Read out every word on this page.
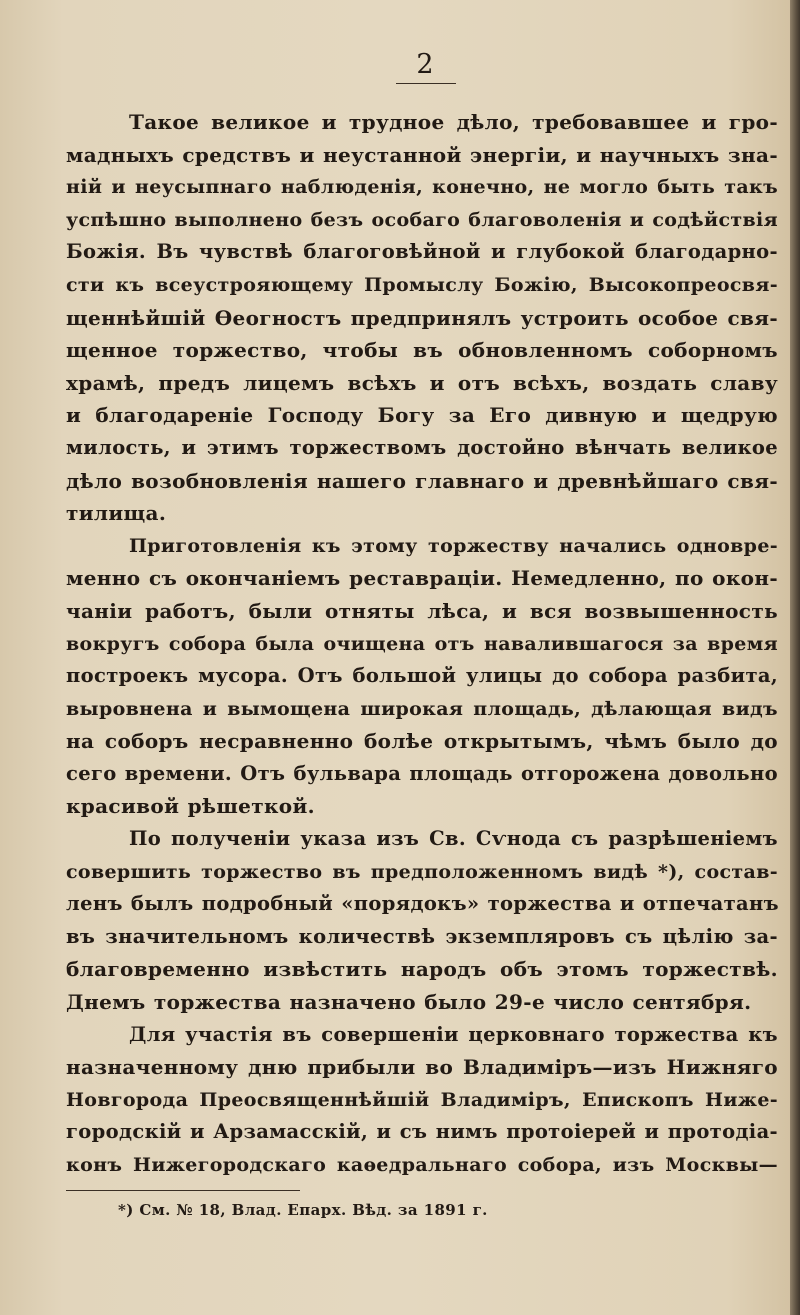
2
Такое великое и трудное дѣло, требовавшее и гро-
мадныхъ средствъ и неустанной энергіи, и научныхъ зна-
ній и неусыпнаго наблюденія, конечно, не могло быть такъ
успѣшно выполнено безъ особаго благоволенія и содѣйствія
Божія. Въ чувствѣ благоговѣйной и глубокой благодарно-
сти къ всеустрояющему Промыслу Божію, Высокопреосвя-
щеннѣйшій Ѳеогностъ предпринялъ устроить особое свя-
щенное торжество, чтобы въ обновленномъ соборномъ
храмѣ, предъ лицемъ всѣхъ и отъ всѣхъ, воздать славу
и благодареніе Господу Богу за Его дивную и щедрую
милость, и этимъ торжествомъ достойно вѣнчать великое
дѣло возобновленія нашего главнаго и древнѣйшаго свя-
тилища.
Приготовленія къ этому торжеству начались одновре-
менно съ окончаніемъ реставраціи. Немедленно, по окон-
чаніи работъ, были отняты лѣса, и вся возвышенность
вокругъ собора была очищена отъ навалившагося за время
построекъ мусора. Отъ большой улицы до собора разбита,
выровнена и вымощена широкая площадь, дѣлающая видъ
на соборъ несравненно болѣе открытымъ, чѣмъ было до
сего времени. Отъ бульвара площадь отгорожена довольно
красивой рѣшеткой.
По полученіи указа изъ Св. Сѵнода съ разрѣшеніемъ
совершить торжество въ предположенномъ видѣ *), состав-
ленъ былъ подробный «порядокъ» торжества и отпечатанъ
въ значительномъ количествѣ экземпляровъ съ цѣлію за-
благовременно извѣстить народъ объ этомъ торжествѣ.
Днемъ торжества назначено было 29-е число сентября.
Для участія въ совершеніи церковнаго торжества къ
назначенному дню прибыли во Владиміръ—изъ Нижняго
Новгорода Преосвященнѣйшій Владиміръ, Епископъ Ниже-
городскій и Арзамасскій, и съ нимъ протоіерей и протодіа-
конъ Нижегородскаго каѳедральнаго собора, изъ Москвы—
*) См. № 18, Влад. Епарх. Вѣд. за 1891 г.
